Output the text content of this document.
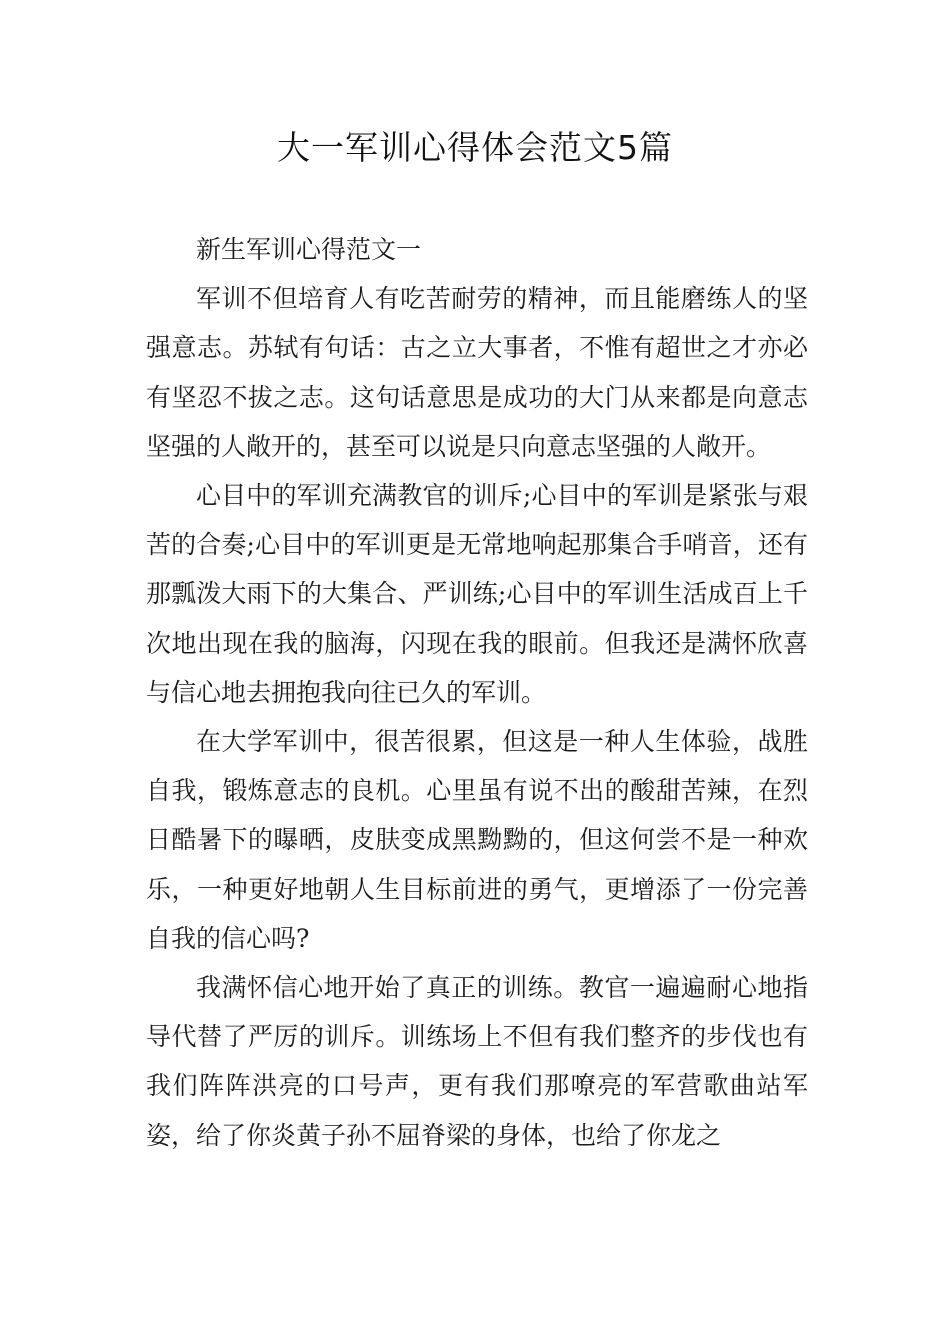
大一军训心得体会范文5篇

新生军训心得范文一

军训不但培育人有吃苦耐劳的精神，而且能磨练人的坚强意志。苏轼有句话：古之立大事者，不惟有超世之才亦必有坚忍不拔之志。这句话意思是成功的大门从来都是向意志坚强的人敞开的，甚至可以说是只向意志坚强的人敞开。

心目中的军训充满教官的训斥;心目中的军训是紧张与艰苦的合奏;心目中的军训更是无常地响起那集合手哨音，还有那瓢泼大雨下的大集合、严训练;心目中的军训生活成百上千次地出现在我的脑海，闪现在我的眼前。但我还是满怀欣喜与信心地去拥抱我向往已久的军训。

在大学军训中，很苦很累，但这是一种人生体验，战胜自我，锻炼意志的良机。心里虽有说不出的酸甜苦辣，在烈日酷暑下的曝晒，皮肤变成黑黝黝的，但这何尝不是一种欢乐，一种更好地朝人生目标前进的勇气，更增添了一份完善自我的信心吗?

我满怀信心地开始了真正的训练。教官一遍遍耐心地指导代替了严厉的训斥。训练场上不但有我们整齐的步伐也有我们阵阵洪亮的口号声，更有我们那嘹亮的军营歌曲站军姿，给了你炎黄子孙不屈脊梁的身体，也给了你龙之
